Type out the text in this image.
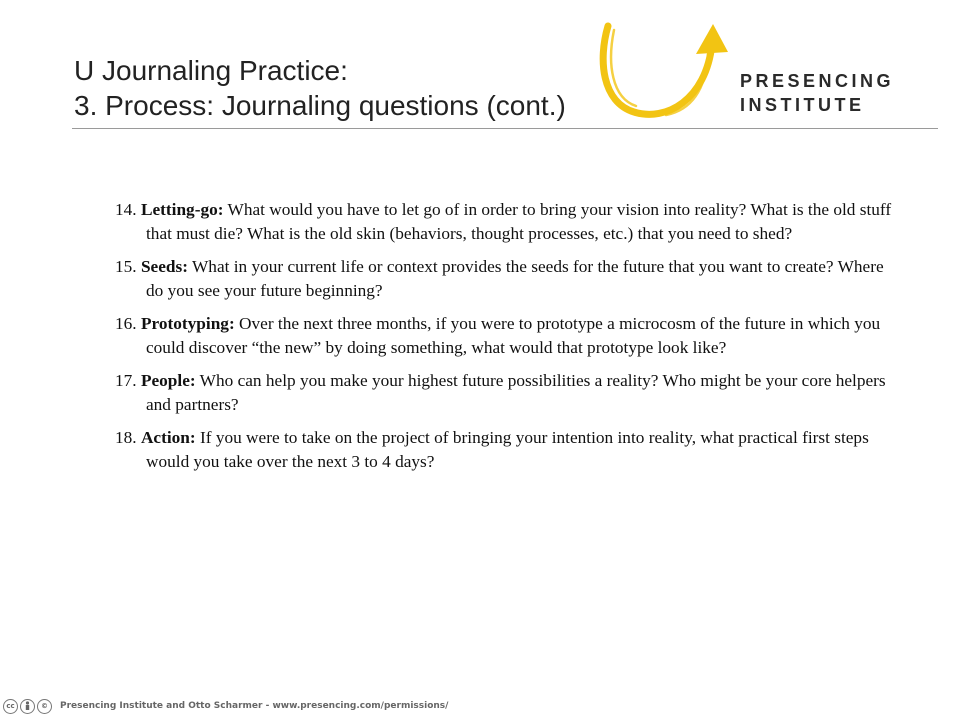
U Journaling Practice:
3. Process: Journaling questions (cont.)
PRESENCING
INSTITUTE
14. Letting-go: What would you have to let go of in order to bring your vision into reality? What is the old stuff that must die? What is the old skin (behaviors, thought processes, etc.) that you need to shed?
15. Seeds: What in your current life or context provides the seeds for the future that you want to create? Where do you see your future beginning?
16. Prototyping: Over the next three months, if you were to prototype a microcosm of the future in which you could discover “the new” by doing something, what would that prototype look like?
17. People: Who can help you make your highest future possibilities a reality? Who might be your core helpers and partners?
18. Action: If you were to take on the project of bringing your intention into reality, what practical first steps would you take over the next 3 to 4 days?
cc	©	Presencing Institute and Otto Scharmer - www.presencing.com/permissions/
